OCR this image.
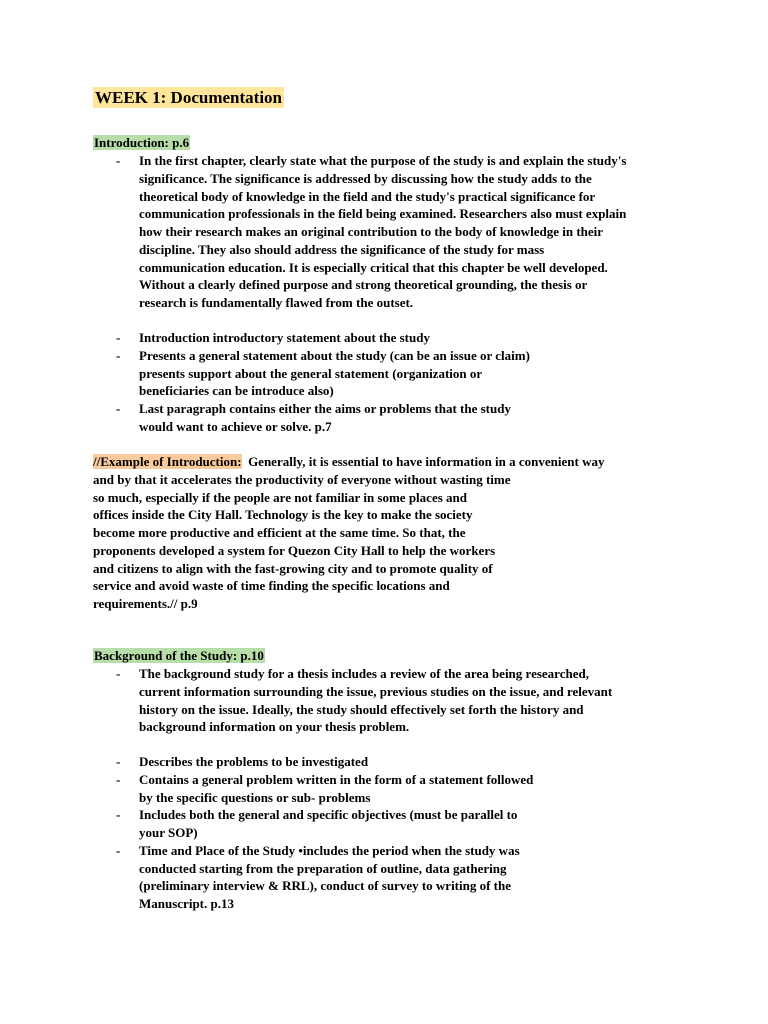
WEEK 1: Documentation

Introduction: p.6

- In the first chapter, clearly state what the purpose of the study is and explain the study's
significance. The significance is addressed by discussing how the study adds to the
theoretical body of knowledge in the field and the study's practical significance for
communication professionals in the field being examined. Researchers also must explain
how their research makes an original contribution to the body of knowledge in their
discipline. They also should address the significance of the study for mass
communication education. It is especially critical that this chapter be well developed.
Without a clearly defined purpose and strong theoretical grounding, the thesis or
research is fundamentally flawed from the outset.
- Introduction introductory statement about the study
- Presents a general statement about the study (can be an issue or claim)
presents support about the general statement (organization or
beneficiaries can be introduce also)
- Last paragraph contains either the aims or problems that the study
would want to achieve or solve. p.7
//Example of Introduction: Generally, it is essential to have information in a convenient way
and by that it accelerates the productivity of everyone without wasting time
so much, especially if the people are not familiar in some places and
offices inside the City Hall. Technology is the key to make the society
become more productive and efficient at the same time. So that, the
proponents developed a system for Quezon City Hall to help the workers
and citizens to align with the fast-growing city and to promote quality of
service and avoid waste of time finding the specific locations and
requirements.// p.9

Background of the Study: p.10

- The background study for a thesis includes a review of the area being researched,
current information surrounding the issue, previous studies on the issue, and relevant
history on the issue. Ideally, the study should effectively set forth the history and
background information on your thesis problem.
- Describes the problems to be investigated
- Contains a general problem written in the form of a statement followed
by the specific questions or sub- problems
- Includes both the general and specific objectives (must be parallel to
your SOP)
- Time and Place of the Study •includes the period when the study was
conducted starting from the preparation of outline, data gathering
(preliminary interview & RRL), conduct of survey to writing of the
Manuscript. p.13
